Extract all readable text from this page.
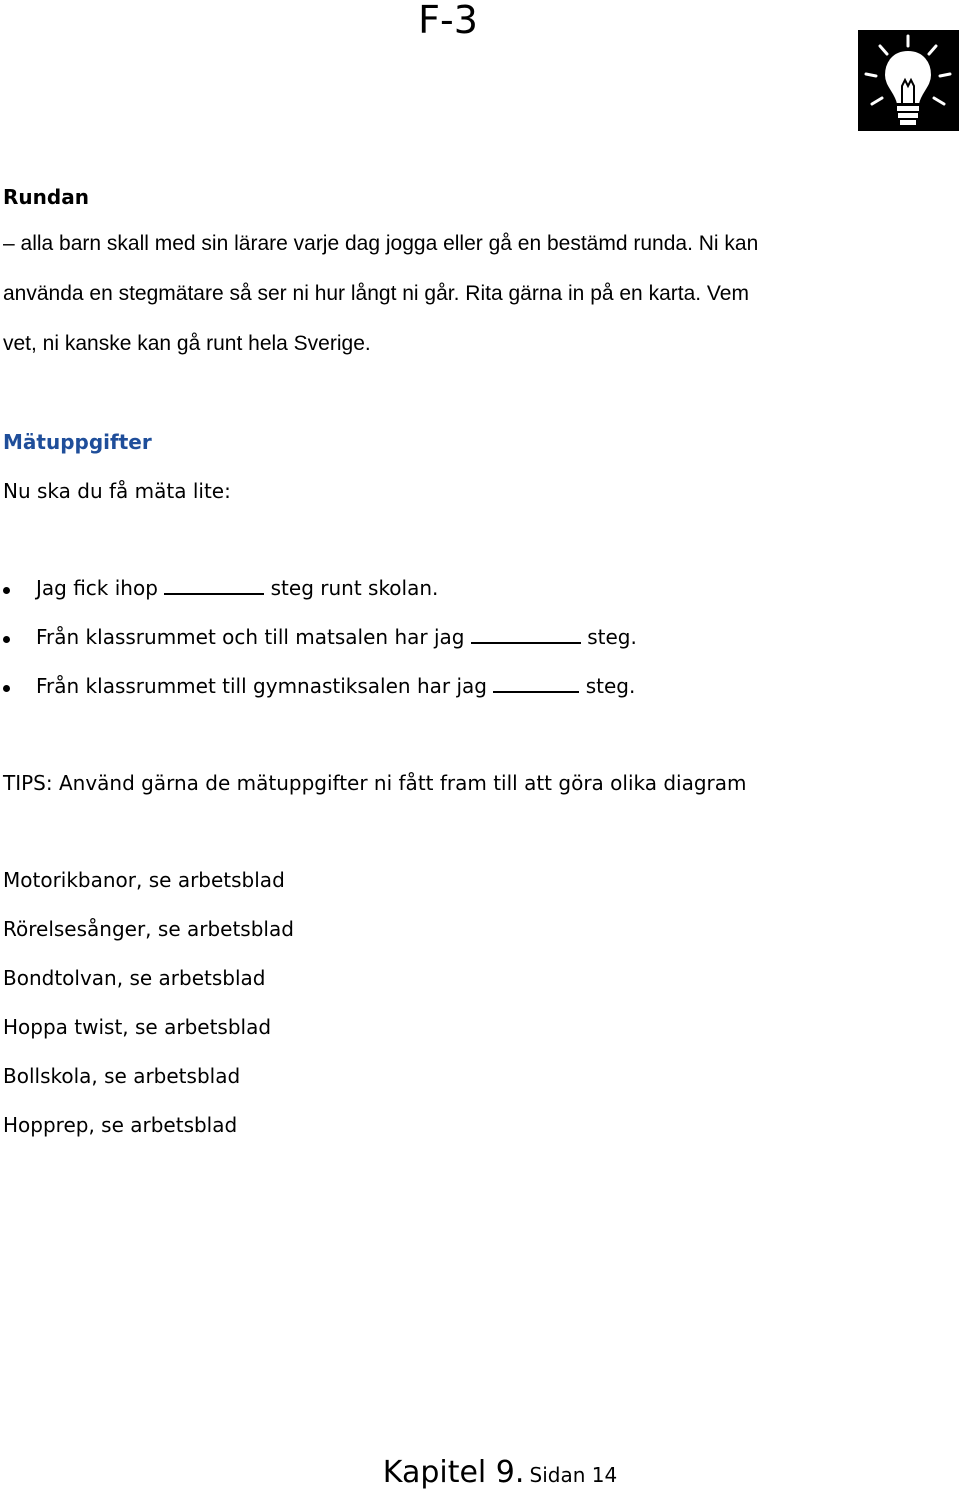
F-3
Rundan
– alla barn skall med sin lärare varje dag jogga eller gå en bestämd runda. Ni kan
använda en stegmätare så ser ni hur långt ni går. Rita gärna in på en karta. Vem
vet, ni kanske kan gå runt hela Sverige.
Mätuppgifter
Nu ska du få mäta lite:
Jag fick ihop	steg runt skolan.
Från klassrummet och till matsalen har jag	steg.
Från klassrummet till gymnastiksalen har jag	steg.
TIPS: Använd gärna de mätuppgifter ni fått fram till att göra olika diagram
Motorikbanor, se arbetsblad
Rörelsesånger, se arbetsblad
Bondtolvan, se arbetsblad
Hoppa twist, se arbetsblad
Bollskola, se arbetsblad
Hopprep, se arbetsblad
Kapitel 9. Sidan 14
